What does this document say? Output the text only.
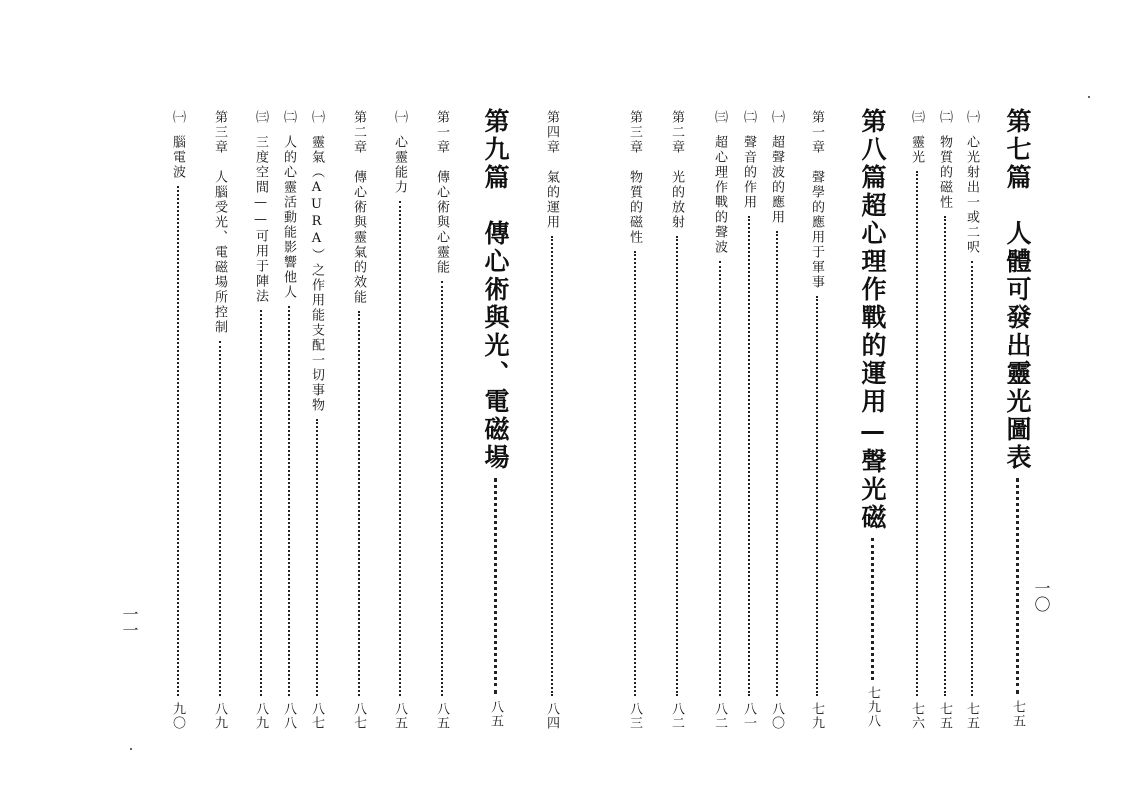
第七篇　人體可發出靈光圖表
七五
㈠
心光射出一或二呎
七五
㈡
物質的磁性
七五
㈢
靈光
七六
第八篇超心理作戰的運用—聲光磁
七九八
第一章　聲學的應用于軍事
七九
㈠
超聲波的應用
八〇
㈡
聲音的作用
八一
㈢
超心理作戰的聲波
八二
第二章　光的放射
八二
第三章　物質的磁性
八三
第四章　氣的運用
八四
第九篇　傳心術與光、電磁場
八五
第一章　傳心術與心靈能
八五
㈠
心靈能力
八五
第二章　傳心術與靈氣的效能
八七
㈠
靈氣（AURA）之作用能支配一切事物
八七
㈡
人的心靈活動能影響他人
八八
㈢
三度空間——可用于陣法
八九
第三章　人腦受光、電磁場所控制
八九
㈠
腦電波
九〇
一〇
一一
